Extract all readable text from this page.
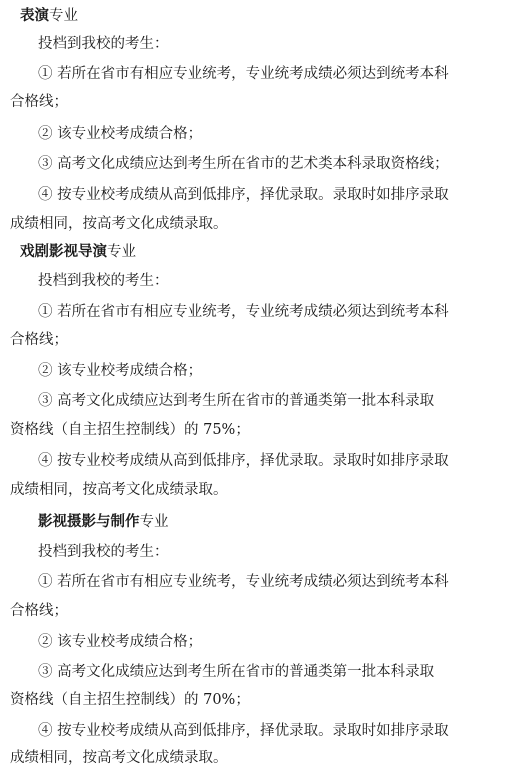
表演专业
投档到我校的考生：
① 若所在省市有相应专业统考，专业统考成绩必须达到统考本科
合格线；
② 该专业校考成绩合格；
③ 高考文化成绩应达到考生所在省市的艺术类本科录取资格线；
④ 按专业校考成绩从高到低排序，择优录取。录取时如排序录取
成绩相同，按高考文化成绩录取。
戏剧影视导演专业
投档到我校的考生：
① 若所在省市有相应专业统考，专业统考成绩必须达到统考本科
合格线；
② 该专业校考成绩合格；
③ 高考文化成绩应达到考生所在省市的普通类第一批本科录取
资格线（自主招生控制线）的 75%；
④ 按专业校考成绩从高到低排序，择优录取。录取时如排序录取
成绩相同，按高考文化成绩录取。
影视摄影与制作专业
投档到我校的考生：
① 若所在省市有相应专业统考，专业统考成绩必须达到统考本科
合格线；
② 该专业校考成绩合格；
③ 高考文化成绩应达到考生所在省市的普通类第一批本科录取
资格线（自主招生控制线）的 70%；
④ 按专业校考成绩从高到低排序，择优录取。录取时如排序录取
成绩相同，按高考文化成绩录取。
